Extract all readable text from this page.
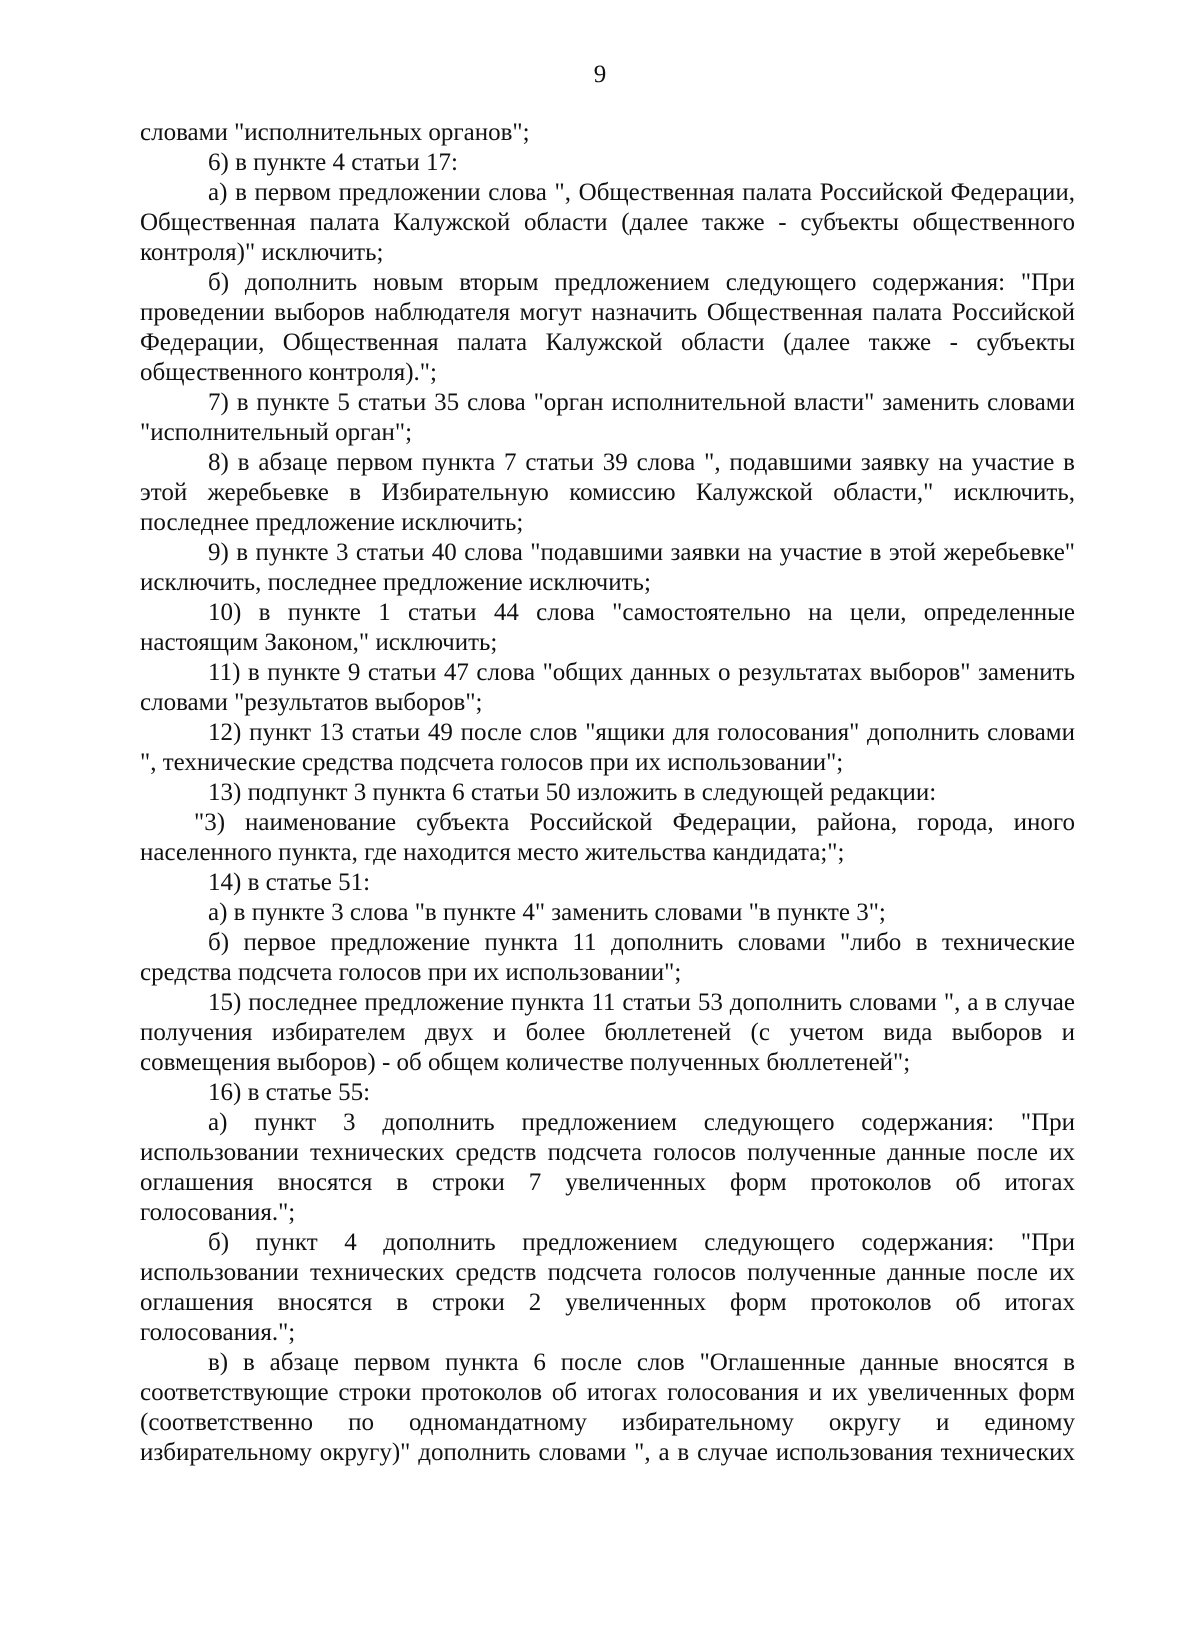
9

словами "исполнительных органов";

6) в пункте 4 статьи 17:

а) в первом предложении слова ", Общественная палата Российской Федерации, Общественная палата Калужской области (далее также - субъекты общественного контроля)" исключить;

б) дополнить новым вторым предложением следующего содержания: "При проведении выборов наблюдателя могут назначить Общественная палата Российской Федерации, Общественная палата Калужской области (далее также - субъекты общественного контроля).";

7) в пункте 5 статьи 35 слова "орган исполнительной власти" заменить словами "исполнительный орган";

8) в абзаце первом пункта 7 статьи 39 слова ", подавшими заявку на участие в этой жеребьевке в Избирательную комиссию Калужской области," исключить, последнее предложение исключить;

9) в пункте 3 статьи 40 слова "подавшими заявки на участие в этой жеребьевке" исключить, последнее предложение исключить;

10) в пункте 1 статьи 44 слова "самостоятельно на цели, определенные настоящим Законом," исключить;

11) в пункте 9 статьи 47 слова "общих данных о результатах выборов" заменить словами "результатов выборов";

12) пункт 13 статьи 49 после слов "ящики для голосования" дополнить словами ", технические средства подсчета голосов при их использовании";

13) подпункт 3 пункта 6 статьи 50 изложить в следующей редакции:

"3) наименование субъекта Российской Федерации, района, города, иного населенного пункта, где находится место жительства кандидата;";

14) в статье 51:

а) в пункте 3 слова "в пункте 4" заменить словами "в пункте 3";

б) первое предложение пункта 11 дополнить словами "либо в технические средства подсчета голосов при их использовании";

15) последнее предложение пункта 11 статьи 53 дополнить словами ", а в случае получения избирателем двух и более бюллетеней (с учетом вида выборов и совмещения выборов) - об общем количестве полученных бюллетеней";

16) в статье 55:

а) пункт 3 дополнить предложением следующего содержания: "При использовании технических средств подсчета голосов полученные данные после их оглашения вносятся в строки 7 увеличенных форм протоколов об итогах голосования.";

б) пункт 4 дополнить предложением следующего содержания: "При использовании технических средств подсчета голосов полученные данные после их оглашения вносятся в строки 2 увеличенных форм протоколов об итогах голосования.";

в) в абзаце первом пункта 6 после слов "Оглашенные данные вносятся в соответствующие строки протоколов об итогах голосования и их увеличенных форм (соответственно по одномандатному избирательному округу и единому избирательному округу)" дополнить словами ", а в случае использования технических
